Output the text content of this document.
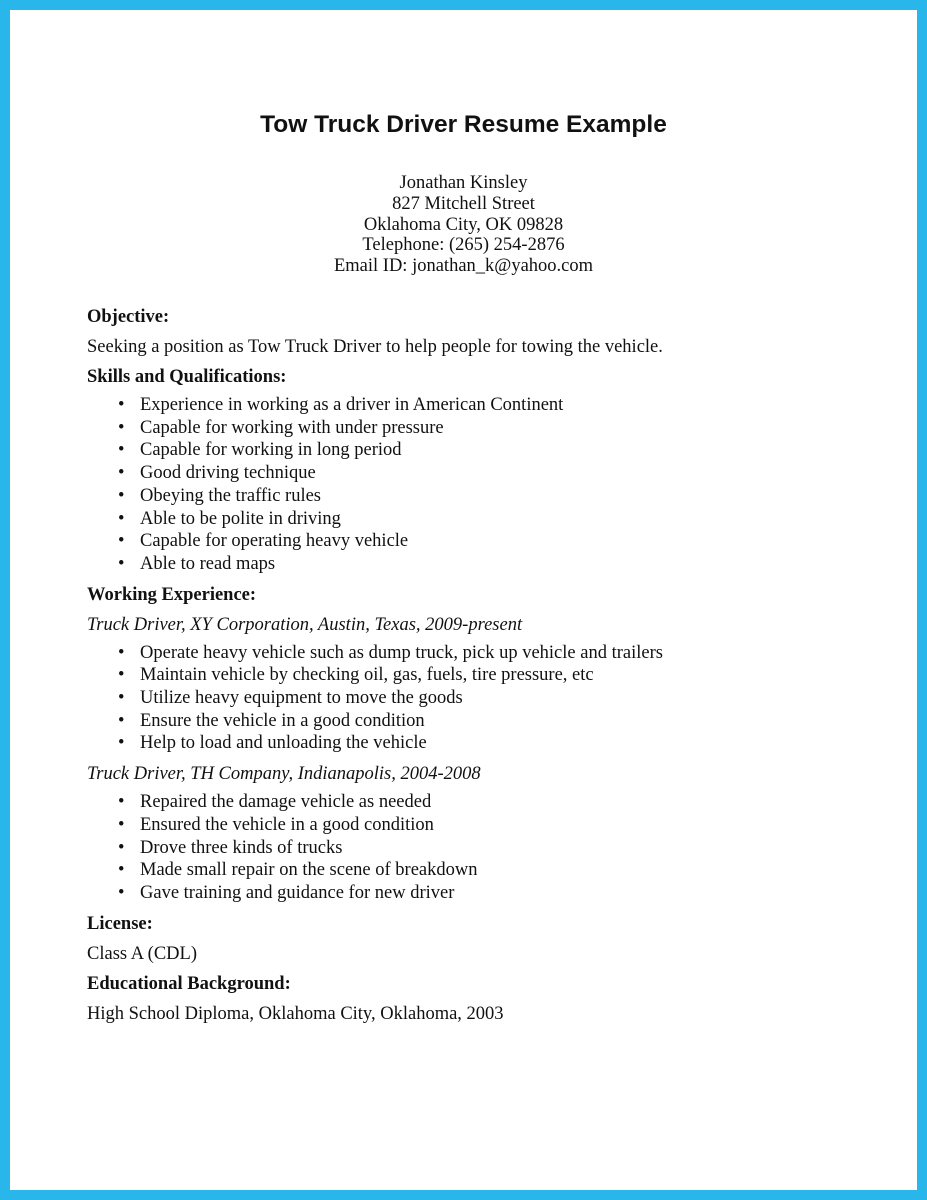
Tow Truck Driver Resume Example
Jonathan Kinsley
827 Mitchell Street
Oklahoma City, OK 09828
Telephone: (265) 254-2876
Email ID: jonathan_k@yahoo.com
Objective:
Seeking a position as Tow Truck Driver to help people for towing the vehicle.
Skills and Qualifications:
• Experience in working as a driver in American Continent
• Capable for working with under pressure
• Capable for working in long period
• Good driving technique
• Obeying the traffic rules
• Able to be polite in driving
• Capable for operating heavy vehicle
• Able to read maps
Working Experience:
Truck Driver, XY Corporation, Austin, Texas, 2009-present
• Operate heavy vehicle such as dump truck, pick up vehicle and trailers
• Maintain vehicle by checking oil, gas, fuels, tire pressure, etc
• Utilize heavy equipment to move the goods
• Ensure the vehicle in a good condition
• Help to load and unloading the vehicle
Truck Driver, TH Company, Indianapolis, 2004-2008
• Repaired the damage vehicle as needed
• Ensured the vehicle in a good condition
• Drove three kinds of trucks
• Made small repair on the scene of breakdown
• Gave training and guidance for new driver
License:
Class A (CDL)
Educational Background:
High School Diploma, Oklahoma City, Oklahoma, 2003
